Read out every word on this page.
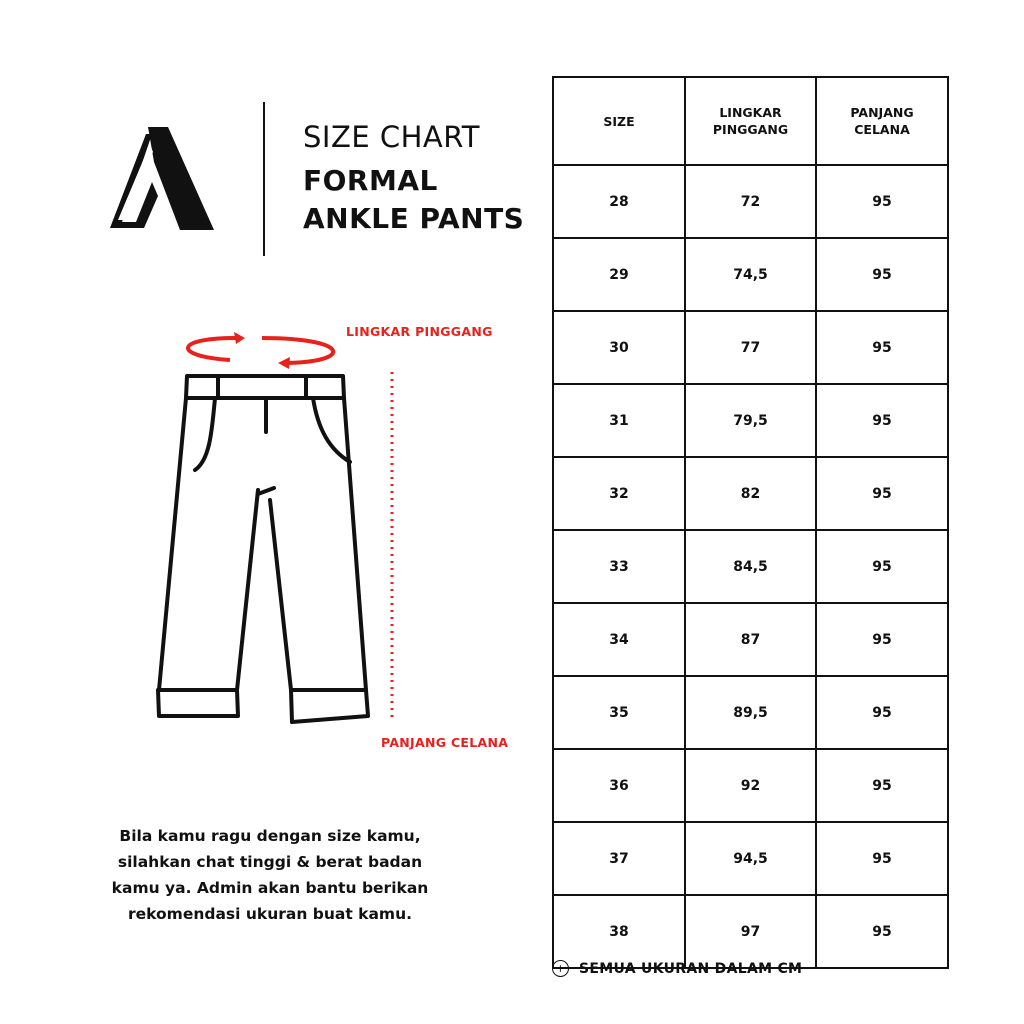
SIZE CHART
FORMAL
ANKLE PANTS
LINGKAR PINGGANG
PANJANG CELANA
Bila kamu ragu dengan size kamu,
silahkan chat tinggi & berat badan
kamu ya. Admin akan bantu berikan
rekomendasi ukuran buat kamu.
SIZE	LINGKAR PINGGANG	PANJANG CELANA
28	72	95
29	74,5	95
30	77	95
31	79,5	95
32	82	95
33	84,5	95
34	87	95
35	89,5	95
36	92	95
37	94,5	95
38	97	95
+ SEMUA UKURAN DALAM CM
